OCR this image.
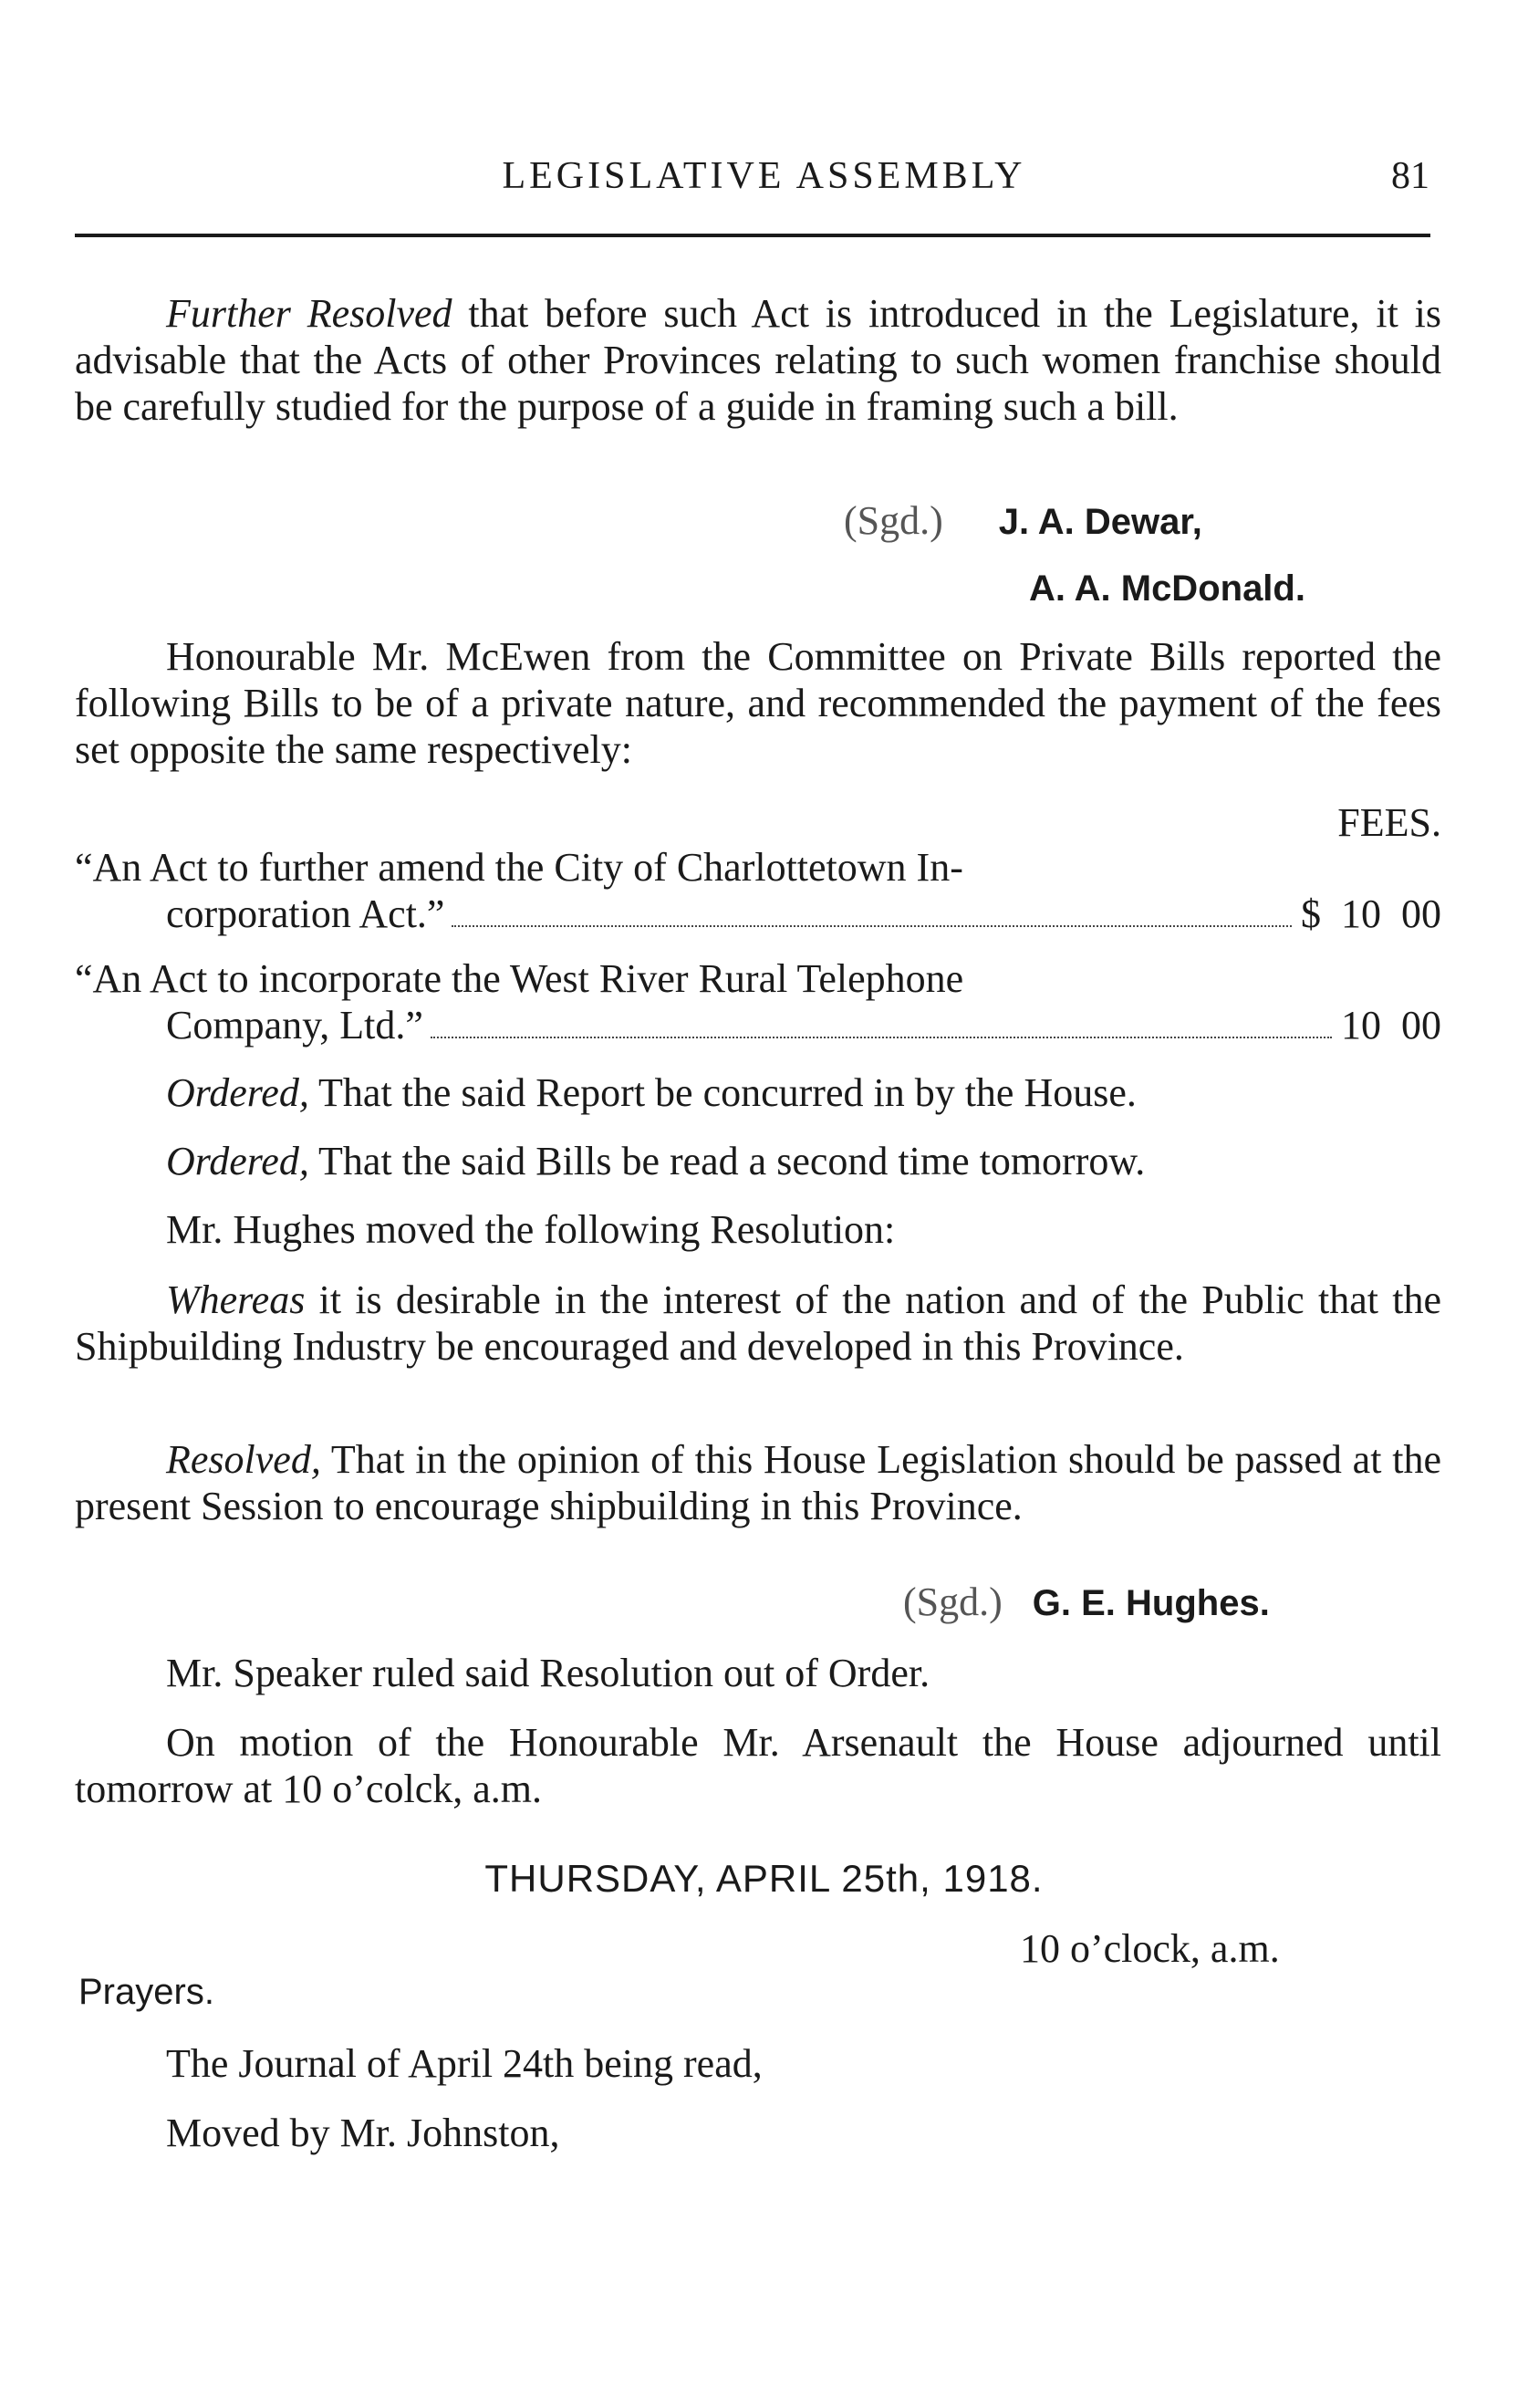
LEGISLATIVE ASSEMBLY	81

Further Resolved that before such Act is introduced in the Legislature, it is advisable that the Acts of other Provinces relating to such women franchise should be carefully studied for the purpose of a guide in framing such a bill.

(Sgd.) J. A. Dewar,
A. A. McDonald.

Honourable Mr. McEwen from the Committee on Private Bills reported the following Bills to be of a private nature, and recommended the payment of the fees set opposite the same respectively:

FEES.
“An Act to further amend the City of Charlottetown In-
corporation Act.”	$  10  00
“An Act to incorporate the West River Rural Telephone
Company, Ltd.”	10  00

Ordered, That the said Report be concurred in by the House.

Ordered, That the said Bills be read a second time tomorrow.

Mr. Hughes moved the following Resolution:

Whereas it is desirable in the interest of the nation and of the Public that the Shipbuilding Industry be encouraged and developed in this Province.

Resolved, That in the opinion of this House Legislation should be passed at the present Session to encourage shipbuilding in this Province.

(Sgd.) G. E. Hughes.

Mr. Speaker ruled said Resolution out of Order.

On motion of the Honourable Mr. Arsenault the House adjourned until tomorrow at 10 o’colck, a.m.

THURSDAY, APRIL 25th, 1918.
10 o’clock, a.m.
Prayers.

The Journal of April 24th being read,

Moved by Mr. Johnston,
